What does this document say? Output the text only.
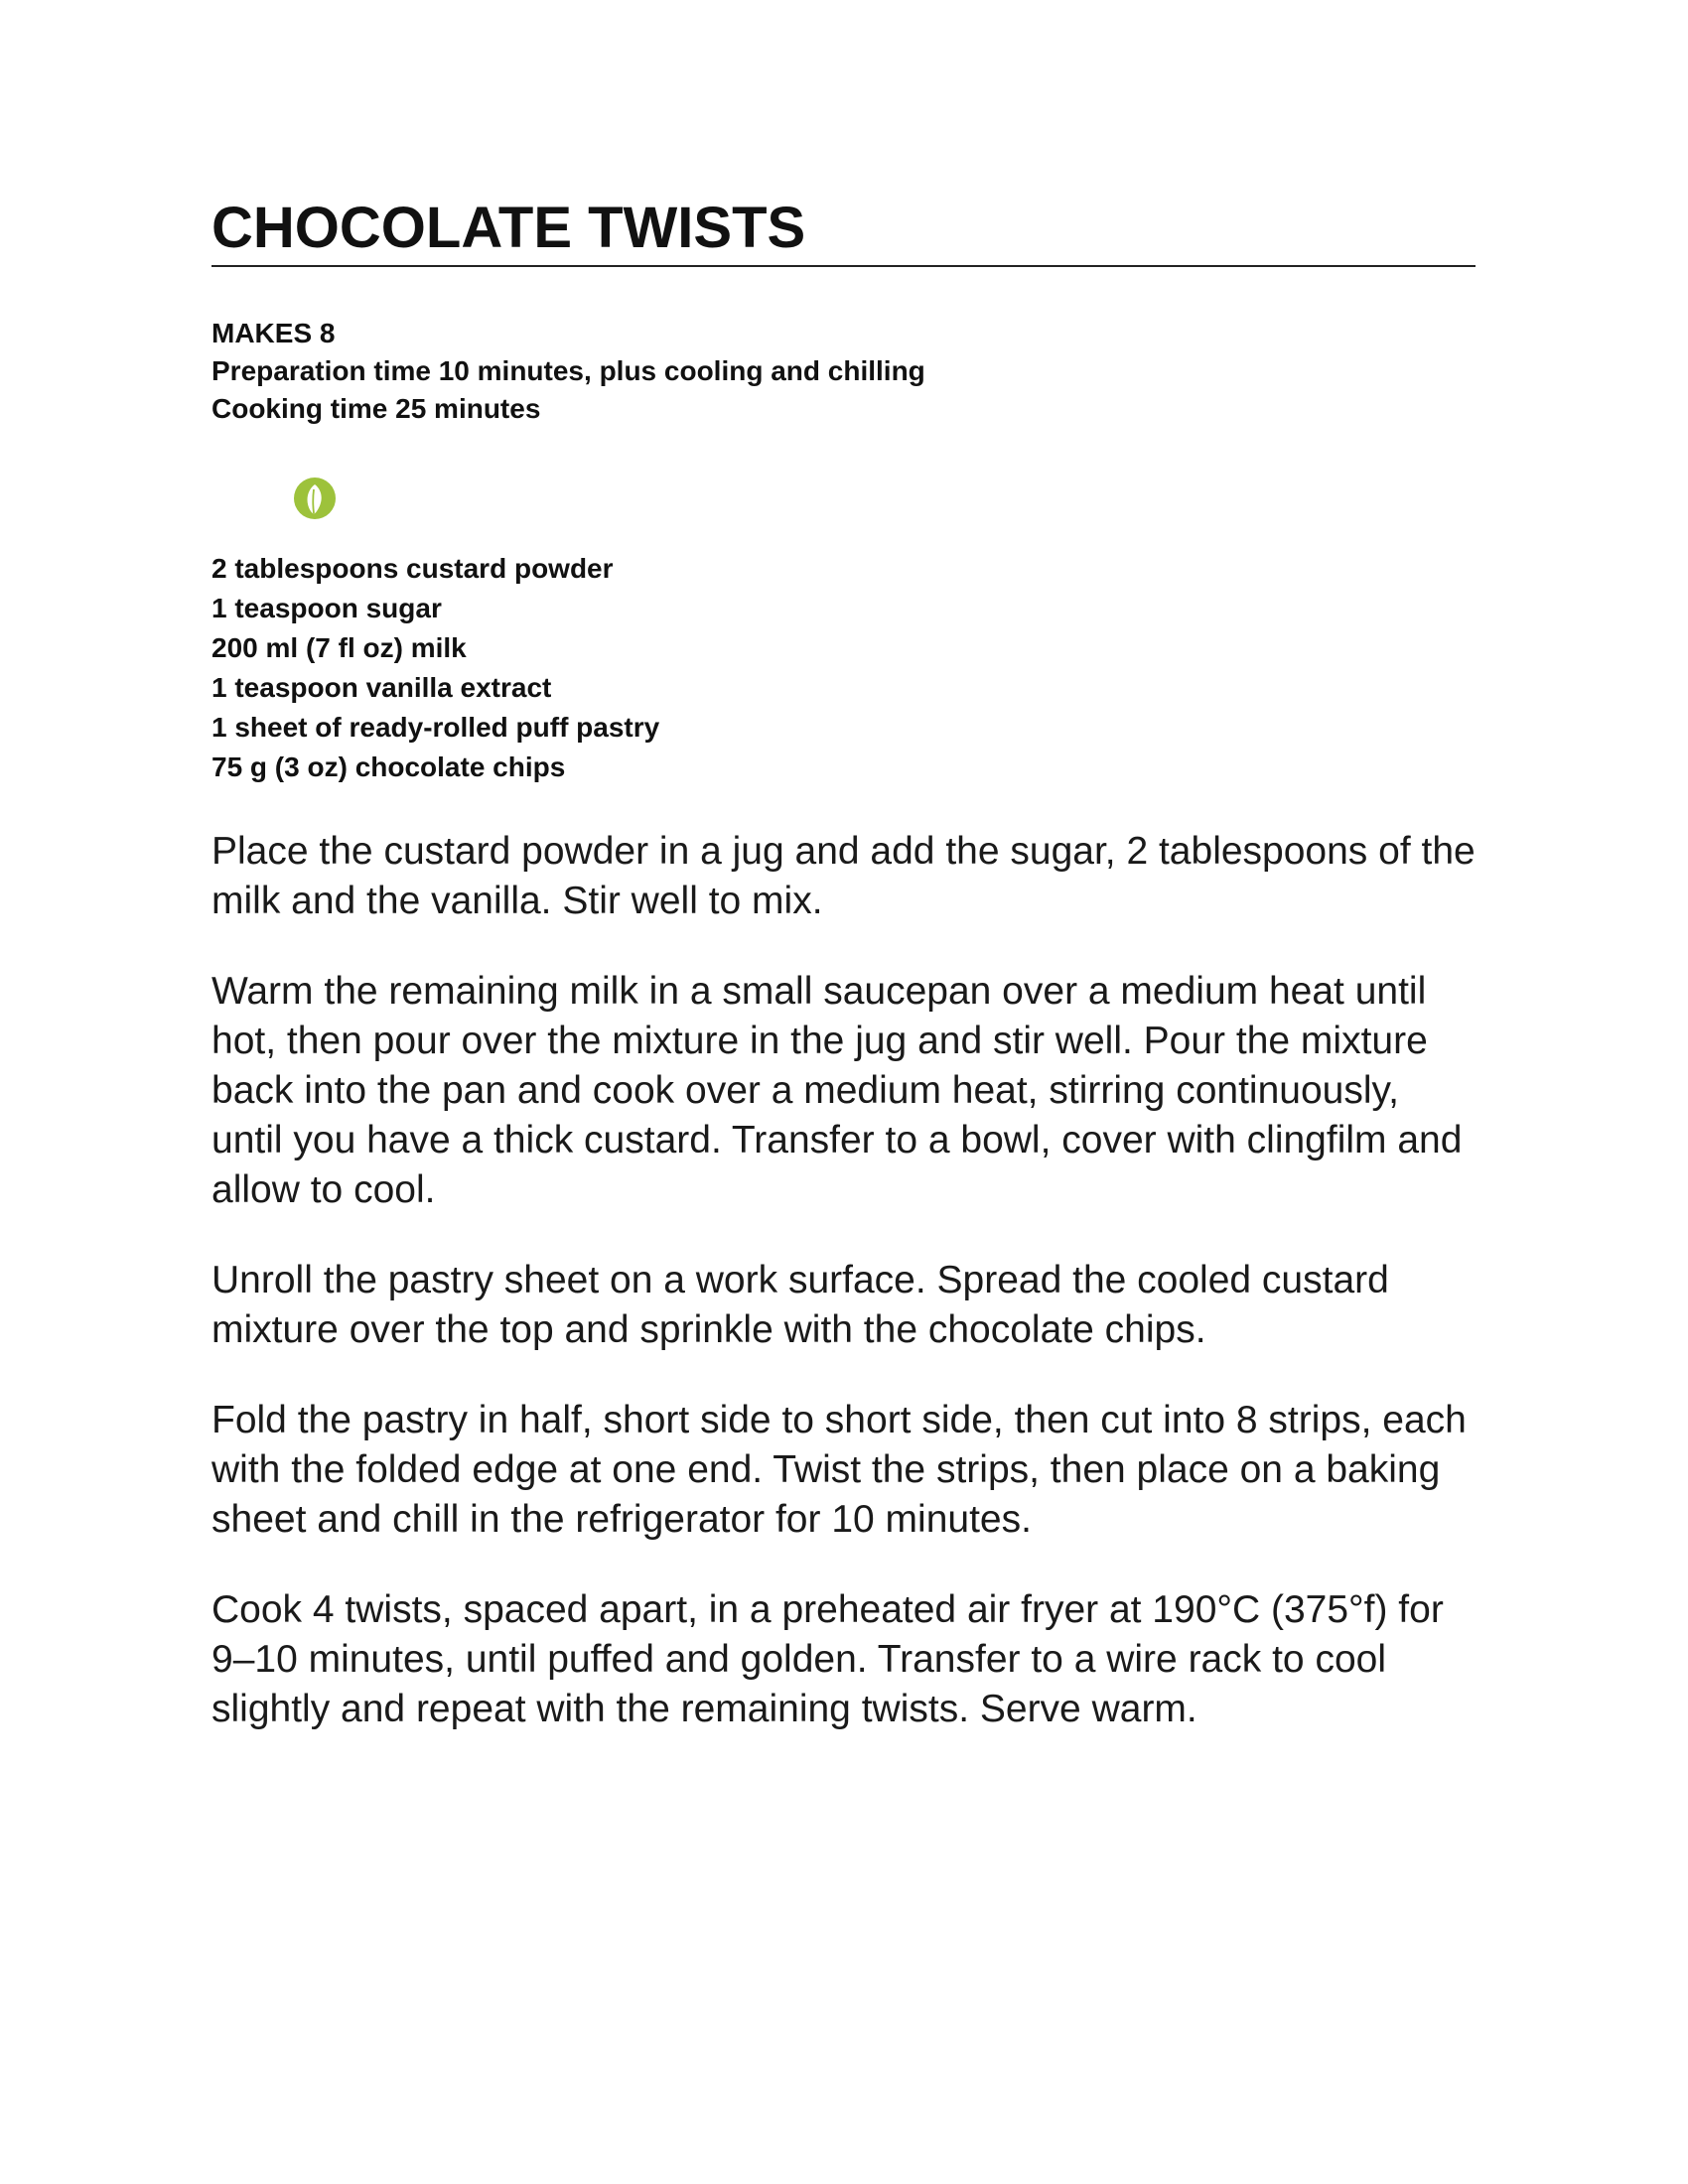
CHOCOLATE TWISTS
MAKES 8
Preparation time 10 minutes, plus cooling and chilling
Cooking time 25 minutes
2 tablespoons custard powder
1 teaspoon sugar
200 ml (7 fl oz) milk
1 teaspoon vanilla extract
1 sheet of ready-rolled puff pastry
75 g (3 oz) chocolate chips

Place the custard powder in a jug and add the sugar, 2 tablespoons of the milk and the vanilla. Stir well to mix.

Warm the remaining milk in a small saucepan over a medium heat until hot, then pour over the mixture in the jug and stir well. Pour the mixture back into the pan and cook over a medium heat, stirring continuously, until you have a thick custard. Transfer to a bowl, cover with clingfilm and allow to cool.

Unroll the pastry sheet on a work surface. Spread the cooled custard mixture over the top and sprinkle with the chocolate chips.

Fold the pastry in half, short side to short side, then cut into 8 strips, each with the folded edge at one end. Twist the strips, then place on a baking sheet and chill in the refrigerator for 10 minutes.

Cook 4 twists, spaced apart, in a preheated air fryer at 190°C (375°f) for 9–10 minutes, until puffed and golden. Transfer to a wire rack to cool slightly and repeat with the remaining twists. Serve warm.
